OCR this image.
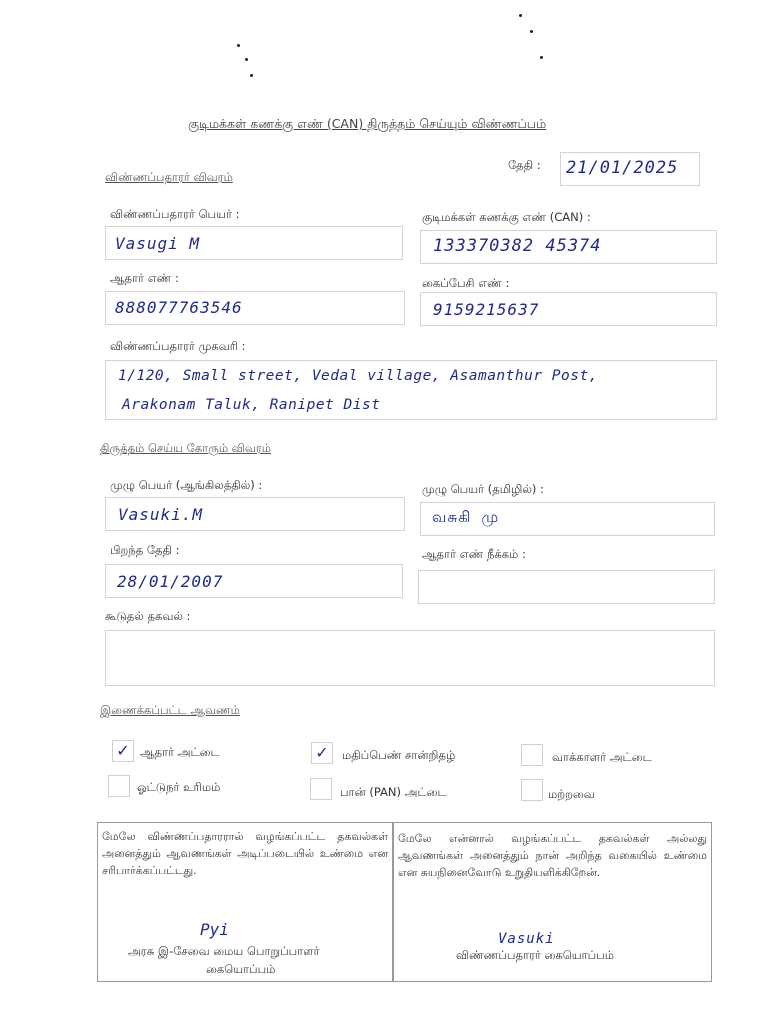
குடிமக்கள் கணக்கு எண் (CAN) திருத்தம் செய்யும் விண்ணப்பம்
தேதி : 21/01/2025
விண்ணப்பதாரர் விவரம்
விண்ணப்பதாரர் பெயர் :
Vasugi M
குடிமக்கள் கணக்கு எண் (CAN) :
133370382 45374
ஆதார் எண் :
888077763546
கைப்பேசி எண் :
9159215637
விண்ணப்பதாரர் முகவரி :
1/120, Small street, Vedal village, Asamanthur Post,
Arakonam Taluk, Ranipet Dist
திருத்தம் செய்ய கோரும் விவரம்
முழு பெயர் (ஆங்கிலத்தில்) :
Vasuki.M
முழு பெயர் (தமிழில்) :
வசுகி மு
பிறந்த தேதி :
28/01/2007
ஆதார் எண் நீக்கம் :
கூடுதல் தகவல் :
இணைக்கப்பட்ட ஆவணம்
✓ ஆதார் அட்டை	✓	மதிப்பெண் சான்றிதழ்	வாக்காளர் அட்டை
ஓட்டுநர் உரிமம்	பான் (PAN) அட்டை	மற்றவை
மேலே விண்ணப்பதாரரால் வழங்கப்பட்ட தகவல்கள் அனைத்தும் ஆவணங்கள் அடிப்படையில் உண்மை என சரிபார்க்கப்பட்டது.
Pyi
அரசு இ-சேவை மைய பொறுப்பாளர்
கையொப்பம்
மேலே என்னால் வழங்கப்பட்ட தகவல்கள் அல்லது ஆவணங்கள் அனைத்தும் நான் அறிந்த வகையில் உண்மை என சுயநினைவோடு உறுதியளிக்கிறேன்.
Vasuki
விண்ணப்பதாரர் கையொப்பம்
